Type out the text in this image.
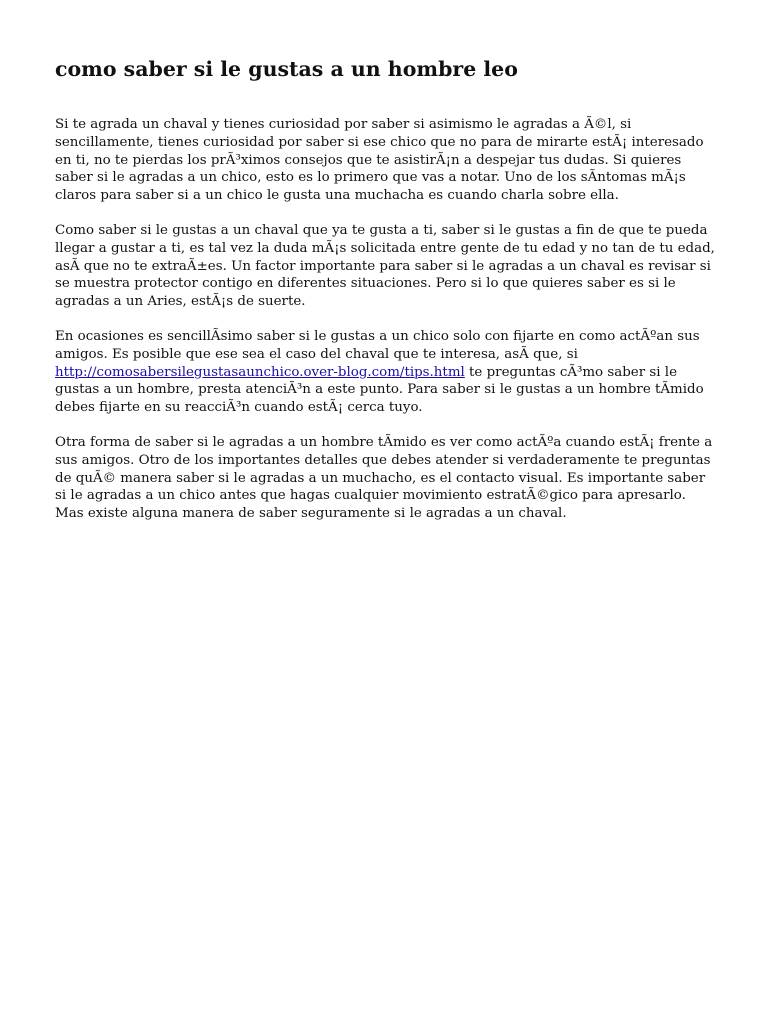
como saber si le gustas a un hombre leo

Si te agrada un chaval y tienes curiosidad por saber si asimismo le agradas a Ã©l, si sencillamente, tienes curiosidad por saber si ese chico que no para de mirarte estÃ¡ interesado en ti, no te pierdas los prÃ³ximos consejos que te asistirÃ¡n a despejar tus dudas. Si quieres saber si le agradas a un chico, esto es lo primero que vas a notar. Uno de los sÃntomas mÃ¡s claros para saber si a un chico le gusta una muchacha es cuando charla sobre ella.

Como saber si le gustas a un chaval que ya te gusta a ti, saber si le gustas a fin de que te pueda llegar a gustar a ti, es tal vez la duda mÃ¡s solicitada entre gente de tu edad y no tan de tu edad, asÃ que no te extraÃ±es. Un factor importante para saber si le agradas a un chaval es revisar si se muestra protector contigo en diferentes situaciones. Pero si lo que quieres saber es si le agradas a un Aries, estÃ¡s de suerte.

En ocasiones es sencillÃsimo saber si le gustas a un chico solo con fijarte en como actÃºan sus amigos. Es posible que ese sea el caso del chaval que te interesa, asÃ que, si http://comosabersilegustasaunchico.over-blog.com/tips.html te preguntas cÃ³mo saber si le gustas a un hombre, presta atenciÃ³n a este punto. Para saber si le gustas a un hombre tÃmido debes fijarte en su reacciÃ³n cuando estÃ¡ cerca tuyo.

Otra forma de saber si le agradas a un hombre tÃmido es ver como actÃºa cuando estÃ¡ frente a sus amigos. Otro de los importantes detalles que debes atender si verdaderamente te preguntas de quÃ© manera saber si le agradas a un muchacho, es el contacto visual. Es importante saber si le agradas a un chico antes que hagas cualquier movimiento estratÃ©gico para apresarlo. Mas existe alguna manera de saber seguramente si le agradas a un chaval.
